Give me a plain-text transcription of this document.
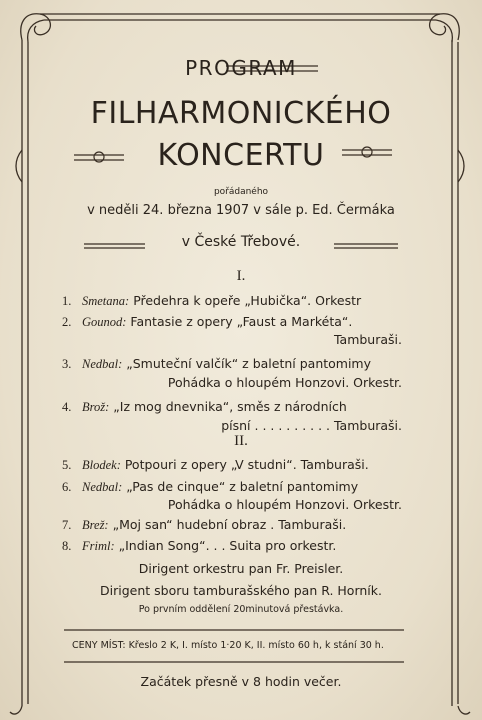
PROGRAM
FILHARMONICKÉHO
KONCERTU
pořádaného
v neděli 24. března 1907 v sále p. Ed. Čermáka
v České Třebové.
I.
1. Smetana: Předehra k opeře „Hubička“. Orkestr
2. Gounod: Fantasie z opery „Faust a Markéta“.
Tamburaši.
3. Nedbal: „Smuteční valčík“ z baletní pantomimy
Pohádka o hloupém Honzovi. Orkestr.
4. Brož: „Iz mog dnevnika“, směs z národních
písní . . . . . . . . . . Tamburaši.
II.
5. Blodek: Potpouri z opery „V studni“. Tamburaši.
6. Nedbal: „Pas de cinque“ z baletní pantomimy
Pohádka o hloupém Honzovi. Orkestr.
7. Brež: „Moj san“ hudební obraz . Tamburaši.
8. Friml: „Indian Song“. . . Suita pro orkestr.
Dirigent orkestru pan Fr. Preisler.
Dirigent sboru tamburašského pan R. Horník.
Po prvním oddělení 20minutová přestávka.
CENY MÍST: Křeslo 2 K, I. místo 1·20 K, II. místo 60 h, k stání 30 h.
Začátek přesně v 8 hodin večer.
